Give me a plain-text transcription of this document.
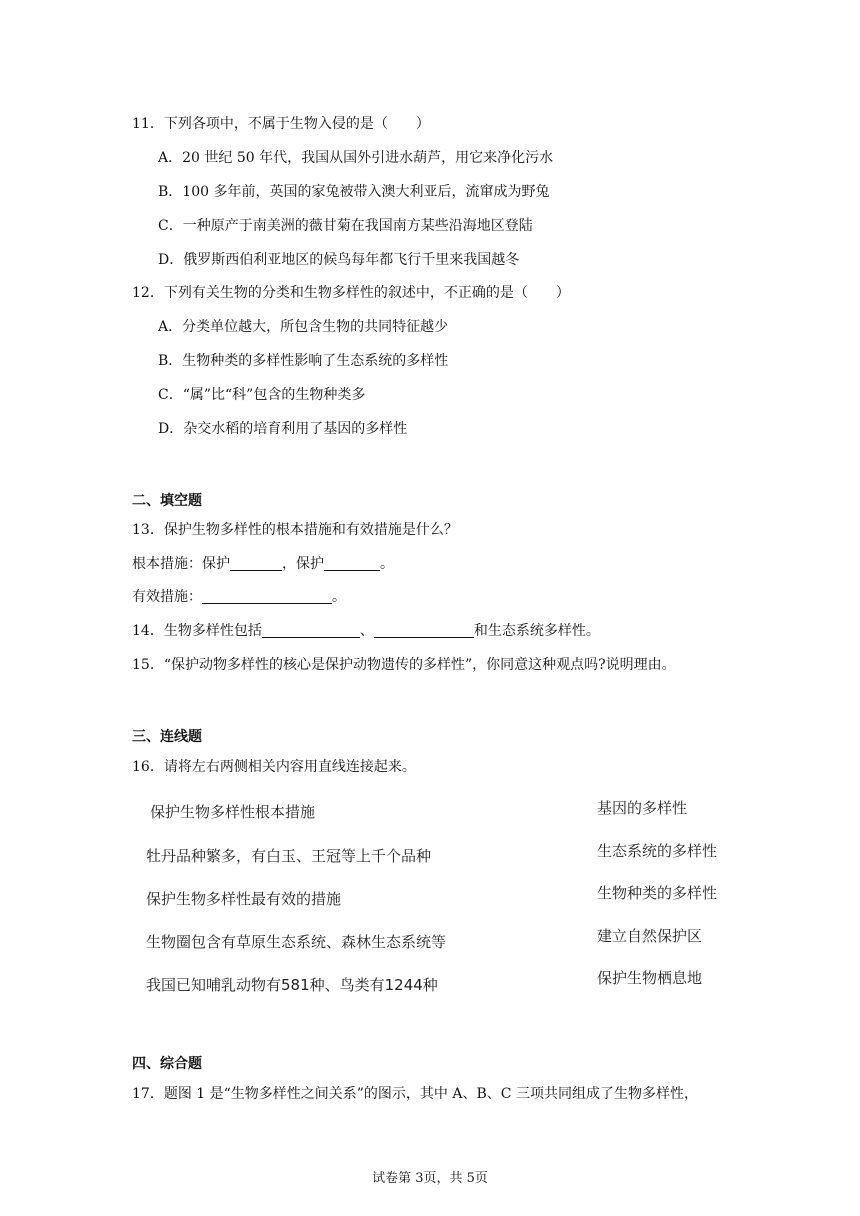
11．下列各项中，不属于生物入侵的是（　　）
A．20 世纪 50 年代，我国从国外引进水葫芦，用它来净化污水
B．100 多年前，英国的家兔被带入澳大利亚后，流窜成为野兔
C．一种原产于南美洲的薇甘菊在我国南方某些沿海地区登陆
D．俄罗斯西伯利亚地区的候鸟每年都飞行千里来我国越冬
12．下列有关生物的分类和生物多样性的叙述中，不正确的是（　　）
A．分类单位越大，所包含生物的共同特征越少
B．生物种类的多样性影响了生态系统的多样性
C．“属”比“科”包含的生物种类多
D．杂交水稻的培育利用了基因的多样性
二、填空题
13．保护生物多样性的根本措施和有效措施是什么？
根本措施：保护	，保护	。
有效措施：	。
14．生物多样性包括	、	和生态系统多样性。
15．“保护动物多样性的核心是保护动物遗传的多样性”，你同意这种观点吗?说明理由。
三、连线题
16．请将左右两侧相关内容用直线连接起来。
保护生物多样性根本措施
牡丹品种繁多，有白玉、王冠等上千个品种
保护生物多样性最有效的措施
生物圈包含有草原生态系统、森林生态系统等
我国已知哺乳动物有581种、鸟类有1244种
基因的多样性
生态系统的多样性
生物种类的多样性
建立自然保护区
保护生物栖息地
四、综合题
17．题图 1 是“生物多样性之间关系”的图示，其中 A、B、C 三项共同组成了生物多样性，
试卷第 3页，共 5页
